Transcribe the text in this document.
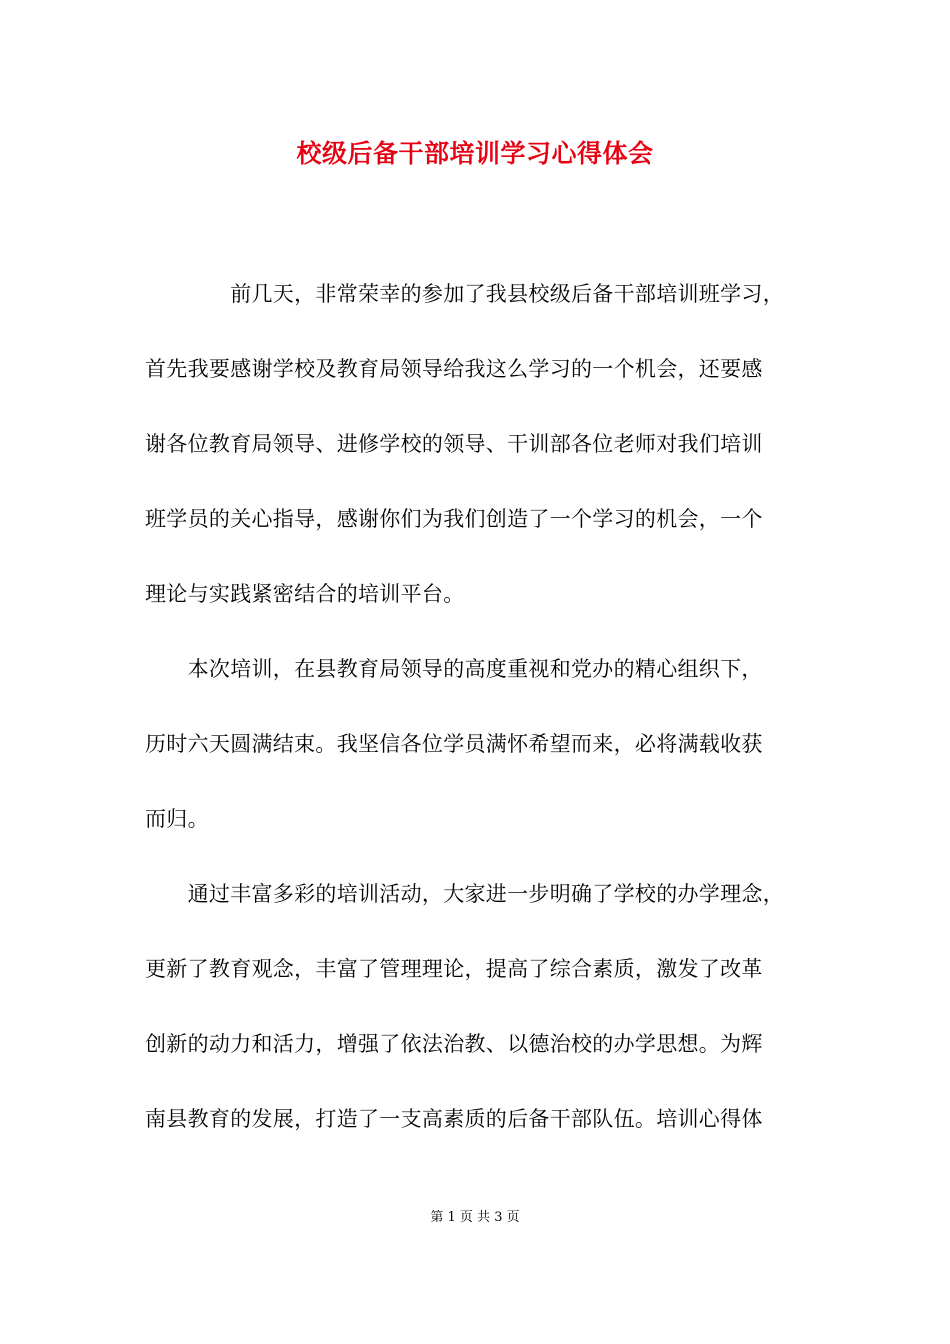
校级后备干部培训学习心得体会
　　　　前几天，非常荣幸的参加了我县校级后备干部培训班学习，
首先我要感谢学校及教育局领导给我这么学习的一个机会，还要感
谢各位教育局领导、进修学校的领导、干训部各位老师对我们培训
班学员的关心指导，感谢你们为我们创造了一个学习的机会，一个
理论与实践紧密结合的培训平台。
　　本次培训，在县教育局领导的高度重视和党办的精心组织下，
历时六天圆满结束。我坚信各位学员满怀希望而来，必将满载收获
而归。
　　通过丰富多彩的培训活动，大家进一步明确了学校的办学理念，
更新了教育观念，丰富了管理理论，提高了综合素质，激发了改革
创新的动力和活力，增强了依法治教、以德治校的办学思想。为辉
南县教育的发展，打造了一支高素质的后备干部队伍。培训心得体
第 1 页 共 3 页
